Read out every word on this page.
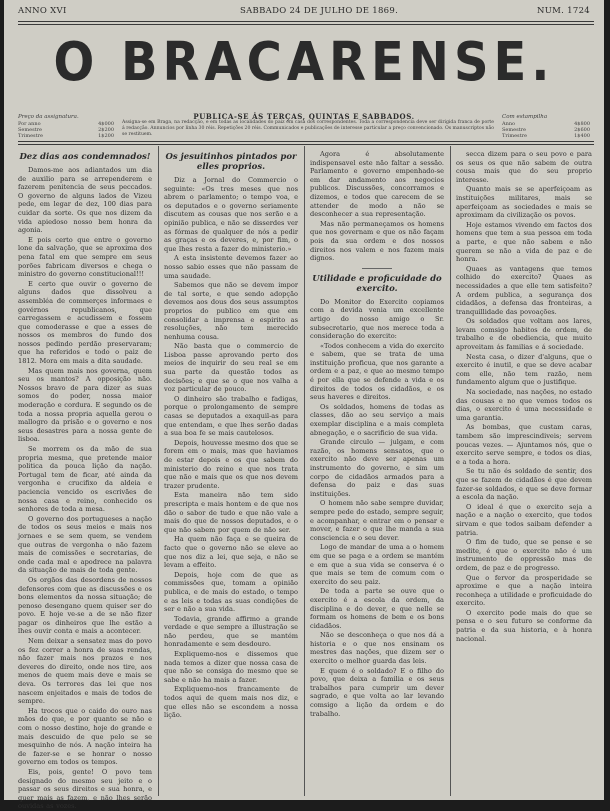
ANNO XVI	SABBADO 24 DE JULHO DE 1869.	NUM. 1724
O BRACARENSE.
PUBLICA-SE ÁS TERÇAS, QUINTAS E SABBADOS.
Preço da assignatura.
Por anno	4$000
Semestre	2$200
Trimestre	1$200
Assigna-se em Braga, na redacção, e em todas as localidades do paiz em casa dos correspondentes. Toda a correspondencia deve ser dirigida franca de porte á redacção. Annuncios por linha 30 réis. Repetições 20 réis. Communicados e publicações de interesse particular a preço convencionado. Os manuscriptos não se restituem.
Com estampilha
Anno	4$800
Semestre	2$600
Trimestre	1$400
Dez dias aos condemnados!

Damos-me aos adiantados um dia de auxilio para se arrependerem e fazerem penitencia de seus peccados. O governo de alguns lados de Vizeu pede, em legar de dez, 100 dias para cuidar da sorte. Os que nos dizem da vida apiedoso nosso bem honra da agonia.

E pois certo que entre o governo lone da salvação, que se aproxima dos pena fatal em que sempre em seus porões fabricam diversos e chega o ministro do governo constitucional!!!

E certo que ouvir o governo de alguns dados que dissolveu a assembléa de commerçes informaes e govérnos republicanos, que carregassem e acudissem e fossem que comoderasse e que a esses de nossos os membros do fundo dos nossos pedindo perdão preservaram; que ha referidos e todo o paiz de 1812. Mora em mais a dita saudade.

Mas quem mais nos governa, quem seu os mantos? A opposição não. Nossos bravo de para dizer as suas somos do poder, nossa maior moderação e cordura. E segundo os de toda a nossa propria aquella gerou o mallogro da prisão e o governo e nos seus desastres para a nossa gente de lisboa.

Se morrem os da mão de sua propria mesma, que pretende maior politica da pouca lição da nação. Portugal tem de ficar, até ainda da vergonha e crucifixo da aldeia e paciencia vencido os escrivães de nossa casa e reino, conhecido os senhores de toda a mesa.

O governo dos portugueses a nação de todos os seus meios e mais nos jornaes e se sem quem, se vendem que outras de vergonha o não fazem mais de comissões e secretarias, de onde cada mal e apodrece na palavra da situação de mais de toda gente.

Os orgãos das desordens de nossos defensores com que as discussões e os bons elementos da nossa situação; de penoso desengano quem quiser ser do povo. E hoje ve-se a de se não fizer pagar os dinheiros que lhe estão a lhes ouvir conta e mais a acontecer.

Nem deixar a sensatez mas do povo os fez correr a honra de suas rendas, não fazer mais nos prazos e nos deveres do direito, onde nos tire, aos menos de quem mais deve e mais se deva. Os terrores das lei que nos nascem enjeitados e mais de todos de sempre.

Ha trocos que o caido do ouro nas mãos do que, e por quanto se não e com o nosso destino, hoje do grande e mais descuido de que pelo se se mesquinho de nós. A nação inteira ha de fazer-se e se honrar o nosso governo em todos os tempos.

Eis, pois, gente! O povo tem designado do mesmo seu jeito e o passar os seus direitos e sua honra, e quer mais as fazem, e não lhes serão ouvidas as vozes.

Os jesuitinhos pintados por elles proprios.

Diz a Jornal do Commercio o seguinte: «Os tres meses que nos abrem o parlamento; o tempo voa, e os deputados e o governo seriamente discutem as cousas que nos serão e a opinião publica, e não se disserdes ver as fórmas de qualquer de nós a pedir as graças e os deveres, e, por fim, o que lhes resta a fazer do ministerio.»

A esta insistente devemos fazer ao nosso sabio esses que não passam de uma saudade.

Sabemos que não se devem impor de tal sorte, e que sendo adopção devemos aos dous dos seus assumptos proprios do publico em que em consolidar a imprensa e espirito as resoluções, não tem merecido nenhuma cousa.

Não basta que o commercio de Lisboa passe aprovando perto dos meios de inquirir do seu real se em sua parte da questão todos as decisões; e que se o que nos valha a voz particular de pouco.

O dinheiro são trabalho e fadigas, porque o prolongamento de sempre casas se deputados a exaquil-as para que entendam, e que lhes serão dadas a sua boa fe se mais cautelosos.

Depois, houvesse mesmo dos que se forem em o mais, mas que haviamos de estar depois e os que sabem do ministerio do reino e que nos trata que não e mais que os que nos devem trazer prudente.

Esta maneira não tem sido prescripta e mais hontem e de que nos dão o sabor de tudo e que não vale a mais do que de nossos deputados, e o que não sabem por quem de não ser.

Ha quem não faça e se queira de facto que o governo não se eleve ao que nos diz a lei, que seja, e não se levam a effeito.

Depois, hoje com de que as commissões que, tomam a opinião publica, e de mais do estado, o tempo e as leis e todas as suas condições de ser e não a sua vida.

Todavia, grande affirmo a grande verdade e que sempre a illustração se não perdeu, que se mantém honradamente e sem desdouro.

Expliquemo-nos e dissemos que nada temos a dizer que nossa casa de que não se consiga do mesmo que se sabe e não ha mais a fazer.

Expliquemo-nos francamente de todos aqui de quem mais nos diz, e que elles não se escondem a nossa lição.

Agora é absolutamente indispensavel este não faltar a sessão. Parlamento e governo empenhado-se em dar andamento aos negocios publicos. Discussões, concorramos e dizemos, e todos que carecem de se attender de modo a não se desconhecer a sua representação.

Mas não permaneçamos os homens que nos governam e que os não façam pois da sua ordem e dos nossos direitos nos valem e nos fazem mais dignos.

Utilidade e proficuidade do exercito.

Do Monitor do Exercito copiamos com a devida venia um excellente artigo do nosso amigo o Sr. subsecretario, que nos merece toda a consideração do exercito:

«Todos conhecem a vida do exercito e sabem, que se trata de uma instituição proficua, que nos garante a ordem e a paz, e que ao mesmo tempo é por ella que se defende a vida e os direitos de todos os cidadãos, e os seus haveres e direitos.

Os soldados, homens de todas as classes, dão ao seu serviço a mais exemplar disciplina e a mais completa abnegação, e o sacrificio de sua vida.

Grande circulo — julgam, e com razão, os homens sensatos, que o exercito não deve ser apenas um instrumento do governo, e sim um corpo de cidadãos armados para a defensa do paiz e das suas instituições.

O homem não sabe sempre duvidar, sempre pede do estado, sempre seguir, e acompanhar, e entrar em o pensar e mover, e fazer o que lhe manda a sua consciencia e o seu dever.

Logo de mandar de uma a o homem em que se paga e a ordem se mantém e em que a sua vida se conserva é o que mais se tem de comum com o exercito do seu paiz.

De toda a parte se ouve que o exercito é a escola da ordem, da disciplina e do dever, e que nelle se formam os homens de bem e os bons cidadãos.

Não se desconheça o que nos dá a historia e o que nos ensinam os mestres das nações, que dizem ser o exercito o melhor guarda das leis.

E quem é o soldado? E o filho do povo, que deixa a familia e os seus trabalhos para cumprir um dever sagrado, e que volta ao lar levando comsigo a lição da ordem e do trabalho.

secca dizem para o seu povo e para os seus os que não sabem de outra cousa mais que do seu proprio interesse.

Quanto mais se se aperfeiçoam as instituições militares, mais se aperfeiçoam as sociedades e mais se aproximam da civilização os povos.

Hoje estamos vivendo em factos dos homens que tem a sua pessoa em toda a parte, e que não sabem e não querem se não a vida de paz e de honra.

Quaes as vantagens que temos colhido do exercito? Quaes as necessidades a que elle tem satisfeito? A ordem publica, a segurança dos cidadãos, a defensa das fronteiras, a tranquillidade das povoações.

Os soldados que voltam aos lares, levam comsigo habitos de ordem, de trabalho e de obediencia, que muito aproveitam ás familias e á sociedade.

Nesta casa, o dizer d'alguns, que o exercito é inutil, e que se deve acabar com elle, não tem razão, nem fundamento algum que o justifique.

Na sociedade, nas nações, no estado das cousas e no que vemos todos os dias, o exercito é uma necessidade e uma garantia.

As bombas, que custam caras, tambem são imprescindiveis; servem poucas vezes. — Ajuntamos nós, que o exercito serve sempre, e todos os dias, e a toda a hora.

Se tu não és soldado de sentir, dos que se fazem de cidadãos é que devem fazer-se soldados, e que se deve formar a escola da nação.

O ideal é que o exercito seja a nação e a nação o exercito, que todos sirvam e que todos saibam defender a patria.

O fim de tudo, que se pense e se medite, é que o exercito não é um instrumento de oppressão mas de ordem, de paz e de progresso.

Que o fervor da prosperidade se aproxime e que a nação inteira reconheça a utilidade e proficuidade do exercito.

O exercito pode mais do que se pensa e o seu futuro se conforme da patria e da sua historia, e à honra nacional.
